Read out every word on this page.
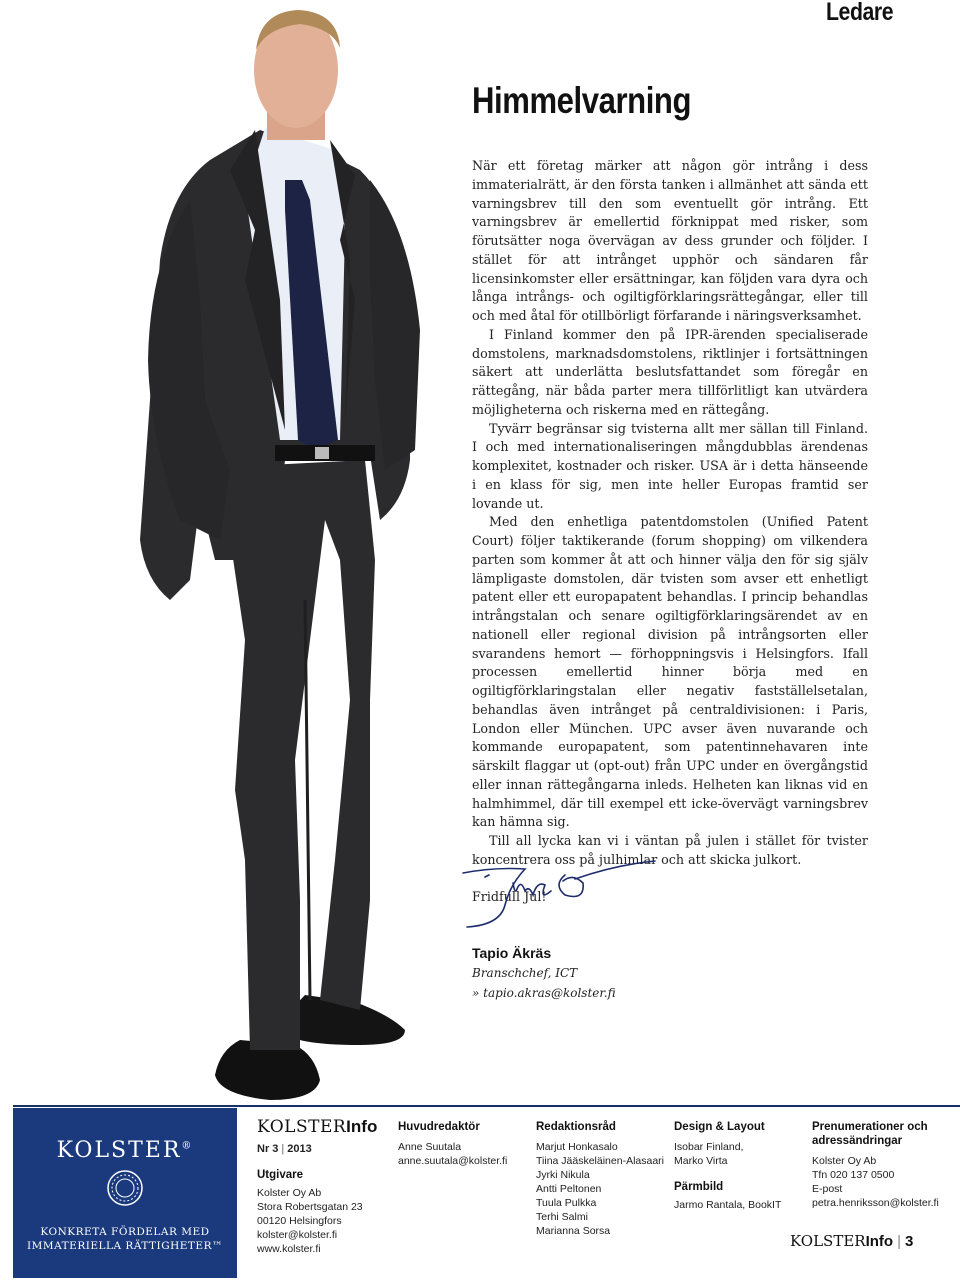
Ledare
Himmelvarning

När ett företag märker att någon gör intrång i dess immaterialrätt, är den första tanken i allmänhet att sända ett varningsbrev till den som eventuellt gör intrång. Ett varningsbrev är emellertid förknippat med risker, som förutsätter noga övervägan av dess grunder och följder. I stället för att intrånget upphör och sändaren får licensinkomster eller ersättningar, kan följden vara dyra och långa intrångs- och ogiltigförklaringsrättegångar, eller till och med åtal för otillbörligt förfarande i näringsverksamhet.

I Finland kommer den på IPR-ärenden specialiserade domstolens, marknadsdomstolens, riktlinjer i fortsättningen säkert att underlätta beslutsfattandet som föregår en rättegång, när båda parter mera tillförlitligt kan utvärdera möjligheterna och riskerna med en rättegång.

Tyvärr begränsar sig tvisterna allt mer sällan till Finland. I och med internationaliseringen mångdubblas ärendenas komplexitet, kostnader och risker. USA är i detta hänseende i en klass för sig, men inte heller Europas framtid ser lovande ut.

Med den enhetliga patentdomstolen (Unified Patent Court) följer taktikerande (forum shopping) om vilkendera parten som kommer åt att och hinner välja den för sig själv lämpligaste domstolen, där tvisten som avser ett enhetligt patent eller ett europapatent behandlas. I princip behandlas intrångstalan och senare ogiltigförklaringsärendet av en nationell eller regional division på intrångsorten eller svarandens hemort — förhoppningsvis i Helsingfors. Ifall processen emellertid hinner börja med en ogiltigförklaringstalan eller negativ fastställelsetalan, behandlas även intrånget på centraldivisionen: i Paris, London eller München. UPC avser även nuvarande och kommande europapatent, som patentinnehavaren inte särskilt flaggar ut (opt-out) från UPC under en övergångstid eller innan rättegångarna inleds. Helheten kan liknas vid en halmhimmel, där till exempel ett icke-övervägt varningsbrev kan hämna sig.

Till all lycka kan vi i väntan på julen i stället för tvister koncentrera oss på julhimlar och att skicka julkort.

Fridfull Jul!

Tapio Äkräs
Branschchef, ICT
» tapio.akras@kolster.fi
KOLSTER®
KONKRETA FÖRDELAR MED
IMMATERIELLA RÄTTIGHETER™
KOLSTERInfo
Nr 3 | 2013
Utgivare
Kolster Oy Ab
Stora Robertsgatan 23
00120 Helsingfors
kolster@kolster.fi
www.kolster.fi
Huvudredaktör
Anne Suutala
anne.suutala@kolster.fi
Redaktionsråd
Marjut Honkasalo
Tiina Jääskeläinen-Alasaari
Jyrki Nikula
Antti Peltonen
Tuula Pulkka
Terhi Salmi
Marianna Sorsa
Design & Layout
Isobar Finland,
Marko Virta
Pärmbild
Jarmo Rantala, BookIT
Prenumerationer och
adressändringar
Kolster Oy Ab
Tfn 020 137 0500
E-post
petra.henriksson@kolster.fi
KOLSTERInfo | 3
